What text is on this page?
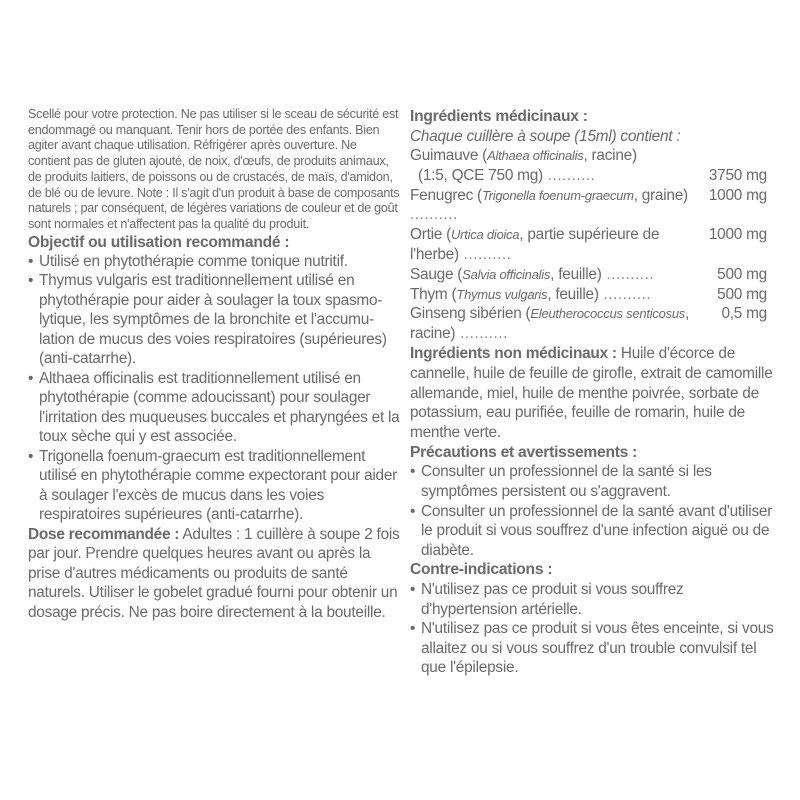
Scellé pour votre protection. Ne pas utiliser si le sceau de sécurité est endommagé ou manquant. Tenir hors de portée des enfants. Bien agiter avant chaque utilisation. Réfrigérer après ouverture. Ne contient pas de gluten ajouté, de noix, d'œufs, de produits animaux, de produits laitiers, de poissons ou de crustacés, de maïs, d'amidon, de blé ou de levure. Note : Il s'agit d'un produit à base de composants naturels ; par conséquent, de légères variations de couleur et de goût sont normales et n'affectent pas la qualité du produit.

Objectif ou utilisation recommandé :

• Utilisé en phytothérapie comme tonique nutritif.
• Thymus vulgaris est traditionnellement utilisé en phytothérapie pour aider à soulager la toux spasmo-lytique, les symptômes de la bronchite et l'accumu-lation de mucus des voies respiratoires (supérieures) (anti-catarrhe).
• Althaea officinalis est traditionnellement utilisé en phytothérapie (comme adoucissant) pour soulager l'irritation des muqueuses buccales et pharyngées et la toux sèche qui y est associée.
• Trigonella foenum-graecum est traditionnellement utilisé en phytothérapie comme expectorant pour aider à soulager l'excès de mucus dans les voies respiratoires supérieures (anti-catarrhe).

Dose recommandée : Adultes : 1 cuillère à soupe 2 fois par jour. Prendre quelques heures avant ou après la prise d'autres médicaments ou produits de santé naturels. Utiliser le gobelet gradué fourni pour obtenir un dosage précis. Ne pas boire directement à la bouteille.

Ingrédients médicinaux :

Chaque cuillère à soupe (15ml) contient :

Guimauve (Althaea officinalis, racine)

(1:5, QCE 750 mg) ..........	3750 mg

Fenugrec (Trigonella foenum-graecum, graine) ..........
1000 mg

Ortie (Urtica dioica, partie supérieure de l'herbe) ..........
1000 mg

Sauge (Salvia officinalis, feuille) ..........	500 mg

Thym (Thymus vulgaris, feuille) ..........	500 mg

Ginseng sibérien (Eleutherococcus senticosus, racine) ..........
0,5 mg

Ingrédients non médicinaux : Huile d'écorce de cannelle, huile de feuille de girofle, extrait de camomille allemande, miel, huile de menthe poivrée, sorbate de potassium, eau purifiée, feuille de romarin, huile de menthe verte.

Précautions et avertissements :

• Consulter un professionnel de la santé si les symptômes persistent ou s'aggravent.
• Consulter un professionnel de la santé avant d'utiliser le produit si vous souffrez d'une infection aiguë ou de diabète.

Contre-indications :

• N'utilisez pas ce produit si vous souffrez d'hypertension artérielle.
• N'utilisez pas ce produit si vous êtes enceinte, si vous allaitez ou si vous souffrez d'un trouble convulsif tel que l'épilepsie.
